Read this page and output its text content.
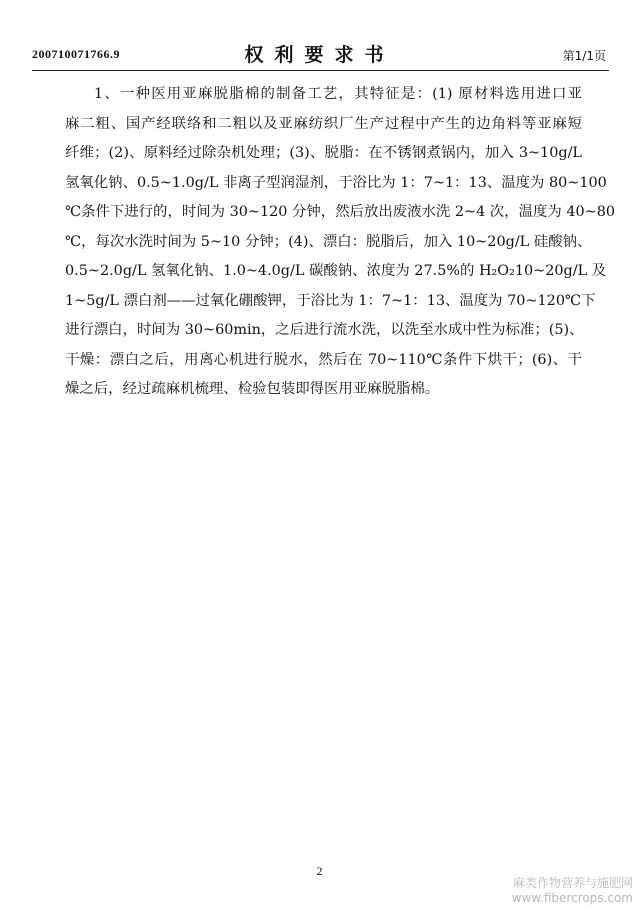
200710071766.9	权利要求书	第1/1页
1、一种医用亚麻脱脂棉的制备工艺，其特征是：(1) 原材料选用进口亚
麻二粗、国产经联络和二粗以及亚麻纺织厂生产过程中产生的边角料等亚麻短
纤维；(2)、原料经过除杂机处理；(3)、脱脂：在不锈钢煮锅内，加入 3~10g/L
氢氧化钠、0.5~1.0g/L 非离子型润湿剂，于浴比为 1：7~1：13、温度为 80~100
℃条件下进行的，时间为 30~120 分钟，然后放出废液水洗 2~4 次，温度为 40~80
℃，每次水洗时间为 5~10 分钟；(4)、漂白：脱脂后，加入 10~20g/L 硅酸钠、
0.5~2.0g/L 氢氧化钠、1.0~4.0g/L 碳酸钠、浓度为 27.5%的 H₂O₂10~20g/L 及
1~5g/L 漂白剂——过氧化硼酸钾，于浴比为 1：7~1：13、温度为 70~120℃下
进行漂白，时间为 30~60min，之后进行流水洗，以洗至水成中性为标准；(5)、
干燥：漂白之后，用离心机进行脱水，然后在 70~110℃条件下烘干；(6)、干
燥之后，经过疏麻机梳理、检验包装即得医用亚麻脱脂棉。
2
麻类作物营养与施肥网
www.fibercrops.com
